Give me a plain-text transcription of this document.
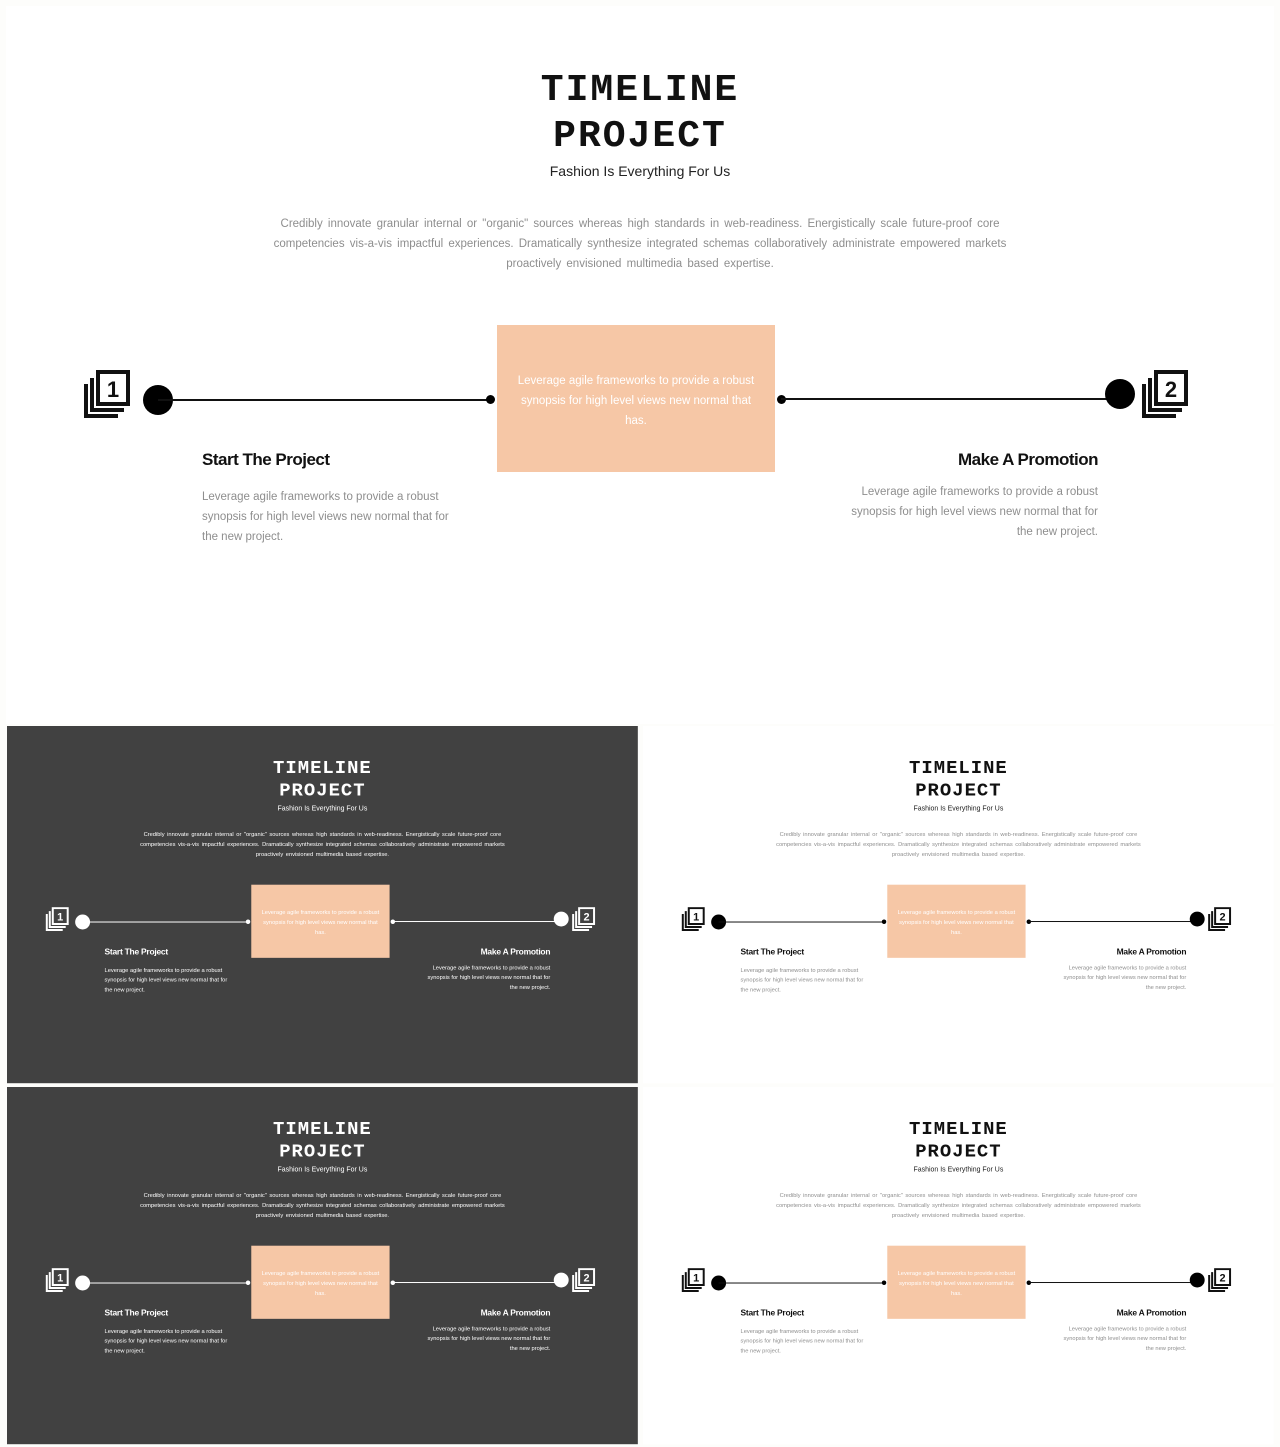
TIMELINE
PROJECT
Fashion Is Everything For Us
Credibly innovate granular internal or "organic" sources whereas high standards in web-readiness. Energistically scale future-proof core competencies vis-a-vis impactful experiences. Dramatically synthesize integrated schemas collaboratively administrate empowered markets proactively envisioned multimedia based expertise.
1	Leverage agile frameworks to provide a robust synopsis for high level views new normal that has.
2
Start The Project
Leverage agile frameworks to provide a robust synopsis for high level views new normal that for the new project.
Make A Promotion
Leverage agile frameworks to provide a robust synopsis for high level views new normal that for the new project.
TIMELINE
PROJECT
Fashion Is Everything For Us
Credibly innovate granular internal or "organic" sources whereas high standards in web-readiness. Energistically scale future-proof core competencies vis-a-vis impactful experiences. Dramatically synthesize integrated schemas collaboratively administrate empowered markets proactively envisioned multimedia based expertise.
1	Leverage agile frameworks to provide a robust synopsis for high level views new normal that has.
2
Start The Project
Leverage agile frameworks to provide a robust synopsis for high level views new normal that for the new project.
Make A Promotion
Leverage agile frameworks to provide a robust synopsis for high level views new normal that for the new project.
TIMELINE
PROJECT
Fashion Is Everything For Us
Credibly innovate granular internal or "organic" sources whereas high standards in web-readiness. Energistically scale future-proof core competencies vis-a-vis impactful experiences. Dramatically synthesize integrated schemas collaboratively administrate empowered markets proactively envisioned multimedia based expertise.
1	Leverage agile frameworks to provide a robust synopsis for high level views new normal that has.
2
Start The Project
Leverage agile frameworks to provide a robust synopsis for high level views new normal that for the new project.
Make A Promotion
Leverage agile frameworks to provide a robust synopsis for high level views new normal that for the new project.
TIMELINE
PROJECT
Fashion Is Everything For Us
Credibly innovate granular internal or "organic" sources whereas high standards in web-readiness. Energistically scale future-proof core competencies vis-a-vis impactful experiences. Dramatically synthesize integrated schemas collaboratively administrate empowered markets proactively envisioned multimedia based expertise.
1	Leverage agile frameworks to provide a robust synopsis for high level views new normal that has.
2
Start The Project
Leverage agile frameworks to provide a robust synopsis for high level views new normal that for the new project.
Make A Promotion
Leverage agile frameworks to provide a robust synopsis for high level views new normal that for the new project.
TIMELINE
PROJECT
Fashion Is Everything For Us
Credibly innovate granular internal or "organic" sources whereas high standards in web-readiness. Energistically scale future-proof core competencies vis-a-vis impactful experiences. Dramatically synthesize integrated schemas collaboratively administrate empowered markets proactively envisioned multimedia based expertise.
1	Leverage agile frameworks to provide a robust synopsis for high level views new normal that has.
2
Start The Project
Leverage agile frameworks to provide a robust synopsis for high level views new normal that for the new project.
Make A Promotion
Leverage agile frameworks to provide a robust synopsis for high level views new normal that for the new project.
